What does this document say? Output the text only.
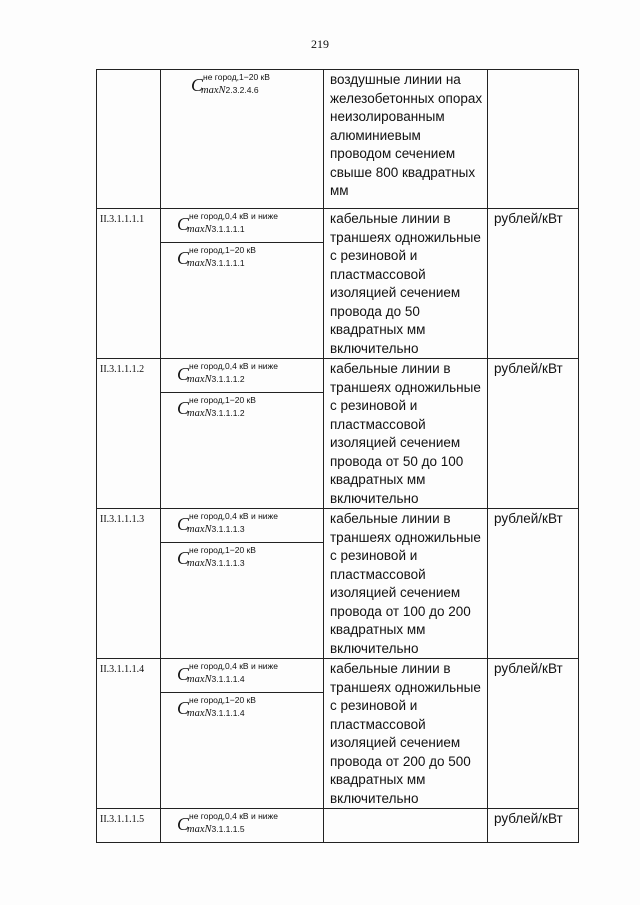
219

	Cне город,1−20 кВ
maxN2.3.2.4.6	воздушные линии на железобетонных опорах неизолированным алюминиевым проводом сечением свыше 800 квадратных мм	

II.3.1.1.1.1	Cне город,0,4 кВ и ниже
maxN3.1.1.1.1
Cне город,1−20 кВ
maxN3.1.1.1.1	кабельные линии в траншеях одножильные с резиновой и пластмассовой изоляцией сечением провода до 50 квадратных мм включительно	рублей/кВт

II.3.1.1.1.2	Cне город,0,4 кВ и ниже
maxN3.1.1.1.2
Cне город,1−20 кВ
maxN3.1.1.1.2	кабельные линии в траншеях одножильные с резиновой и пластмассовой изоляцией сечением провода от 50 до 100 квадратных мм включительно	рублей/кВт

II.3.1.1.1.3	Cне город,0,4 кВ и ниже
maxN3.1.1.1.3
Cне город,1−20 кВ
maxN3.1.1.1.3	кабельные линии в траншеях одножильные с резиновой и пластмассовой изоляцией сечением провода от 100 до 200 квадратных мм включительно	рублей/кВт

II.3.1.1.1.4	Cне город,0,4 кВ и ниже
maxN3.1.1.1.4
Cне город,1−20 кВ
maxN3.1.1.1.4	кабельные линии в траншеях одножильные с резиновой и пластмассовой изоляцией сечением провода от 200 до 500 квадратных мм включительно	рублей/кВт

II.3.1.1.1.5	Cне город,0,4 кВ и ниже
maxN3.1.1.1.5		рублей/кВт
